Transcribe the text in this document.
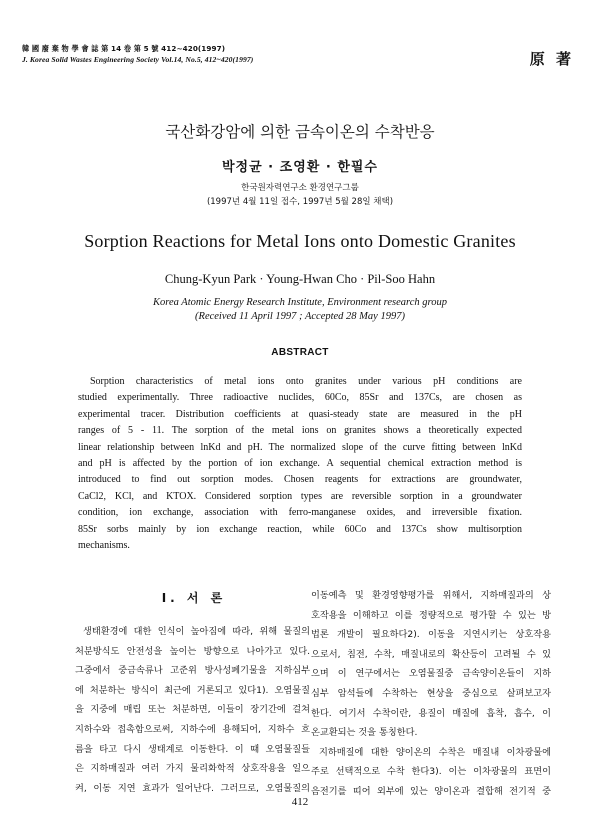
韓 國 廢 棄 物 學 會 誌 第 14 卷 第 5 號 412~420(1997)
J. Korea Solid Wastes Engineering Society Vol.14, No.5, 412~420(1997)	原 著
국산화강암에 의한 금속이온의 수착반응
박정균 · 조영환 · 한필수
한국원자력연구소 환경연구그룹
(1997년 4월 11일 접수, 1997년 5월 28일 채택)
Sorption Reactions for Metal Ions onto Domestic Granites
Chung-Kyun Park · Young-Hwan Cho · Pil-Soo Hahn
Korea Atomic Energy Research Institute, Environment research group
(Received 11 April 1997 ; Accepted 28 May 1997)
ABSTRACT
Sorption characteristics of metal ions onto granites under various pH conditions are
studied experimentally. Three radioactive nuclides, 60Co, 85Sr and 137Cs, are chosen as
experimental tracer. Distribution coefficients at quasi-steady state are measured in the pH
ranges of 5 - 11. The sorption of the metal ions on granites shows a theoretically expected
linear relationship between lnKd and pH. The normalized slope of the curve fitting between lnKd
and pH is affected by the portion of ion exchange. A sequential chemical extraction method is
introduced to find out sorption modes. Chosen reagents for extractions are groundwater,
CaCl2, KCl, and KTOX. Considered sorption types are reversible sorption in a groundwater
condition, ion exchange, association with ferro-manganese oxides, and irreversible fixation.
85Sr sorbs mainly by ion exchange reaction, while 60Co and 137Cs show multisorption
mechanisms.
I. 서 론
생태환경에 대한 인식이 높아짐에 따라, 위해 물질의
처분방식도 안전성을 높이는 방향으로 나아가고 있다.
그중에서 중금속류나 고준위 방사성폐기물을 지하심부
에 처분하는 방식이 최근에 거론되고 있다1). 오염물질
을 지중에 매립 또는 처분하면, 이들이 장기간에 걸쳐
지하수와 접촉함으로써, 지하수에 용해되어, 지하수 흐
름을 타고 다시 생태계로 이동한다. 이 때 오염물질들
은 지하매질과 여러 가지 물리화학적 상호작용을 일으
켜, 이동 지연 효과가 일어난다. 그러므로, 오염물질의
이동예측 및 환경영향평가를 위해서, 지하매질과의 상
호작용을 이해하고 이를 정량적으로 평가할 수 있는 방
법론 개발이 필요하다2). 이동을 지연시키는 상호작용
으로서, 침전, 수착, 매질내로의 확산등이 고려될 수 있
으며 이 연구에서는 오염물질중 금속양이온들이 지하
심부 암석들에 수착하는 현상을 중심으로 살펴보고자
한다. 여기서 수착이란, 용질이 매질에 흡착, 흡수, 이
온교환되는 것을 통칭한다.
지하매질에 대한 양이온의 수착은 매질내 이차광물에
주로 선택적으로 수착 한다3). 이는 이차광물의 표면이
음전기를 띠어 외부에 있는 양이온과 결합해 전기적 중
412
